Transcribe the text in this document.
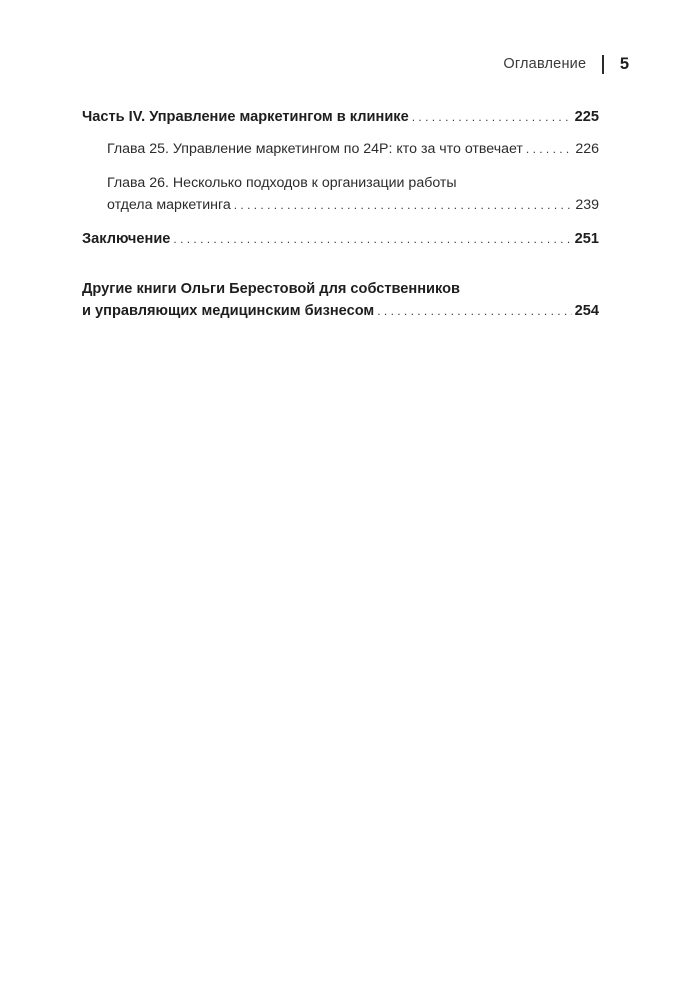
Оглавление 5
Часть IV. Управление маркетингом в клинике . . .	225
Глава 25. Управление маркетингом по 24P: кто за что отвечает . . .	226
Глава 26. Несколько подходов к организации работы
отдела маркетинга . . .	239
Заключение . . .	251
Другие книги Ольги Берестовой для собственников
и управляющих медицинским бизнесом . . .	254
